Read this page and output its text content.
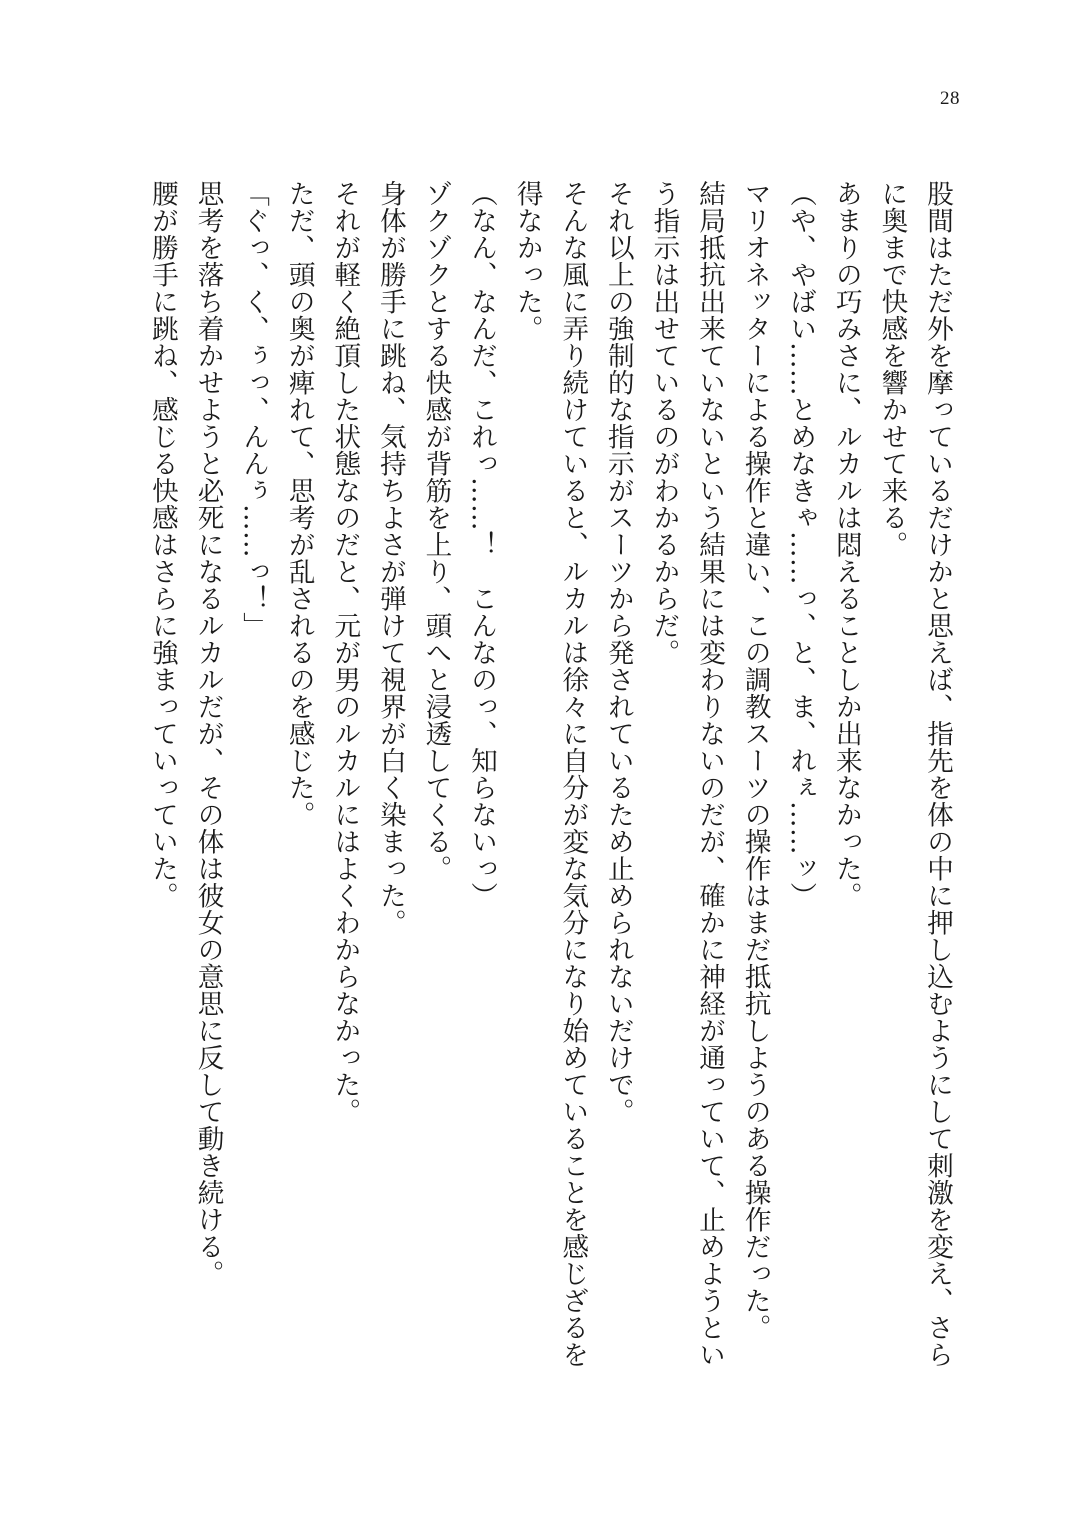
28

股間はただ外を摩っているだけかと思えば、指先を体の中に押し込むようにして刺激を変え、さらに奥まで快感を響かせて来る。

あまりの巧みさに、ルカルは悶えることしか出来なかった。

（や、やばい……とめなきゃ……っ、と、ま、れぇ……ッ）

マリオネッターによる操作と違い、この調教スーツの操作はまだ抵抗しようのある操作だった。

結局抵抗出来ていないという結果には変わりないのだが、確かに神経が通っていて、止めようという指示は出せているのがわかるからだ。

それ以上の強制的な指示がスーツから発されているため止められないだけで。

そんな風に弄り続けていると、ルカルは徐々に自分が変な気分になり始めていることを感じざるを得なかった。

（なん、なんだ、これっ……！　こんなのっ、知らないっ）

ゾクゾクとする快感が背筋を上り、頭へと浸透してくる。

身体が勝手に跳ね、気持ちよさが弾けて視界が白く染まった。

それが軽く絶頂した状態なのだと、元が男のルカルにはよくわからなかった。

ただ、頭の奥が痺れて、思考が乱されるのを感じた。

「ぐっ、く、ぅっ、んんぅ……っ！」

思考を落ち着かせようと必死になるルカルだが、その体は彼女の意思に反して動き続ける。

腰が勝手に跳ね、感じる快感はさらに強まっていっていた。
